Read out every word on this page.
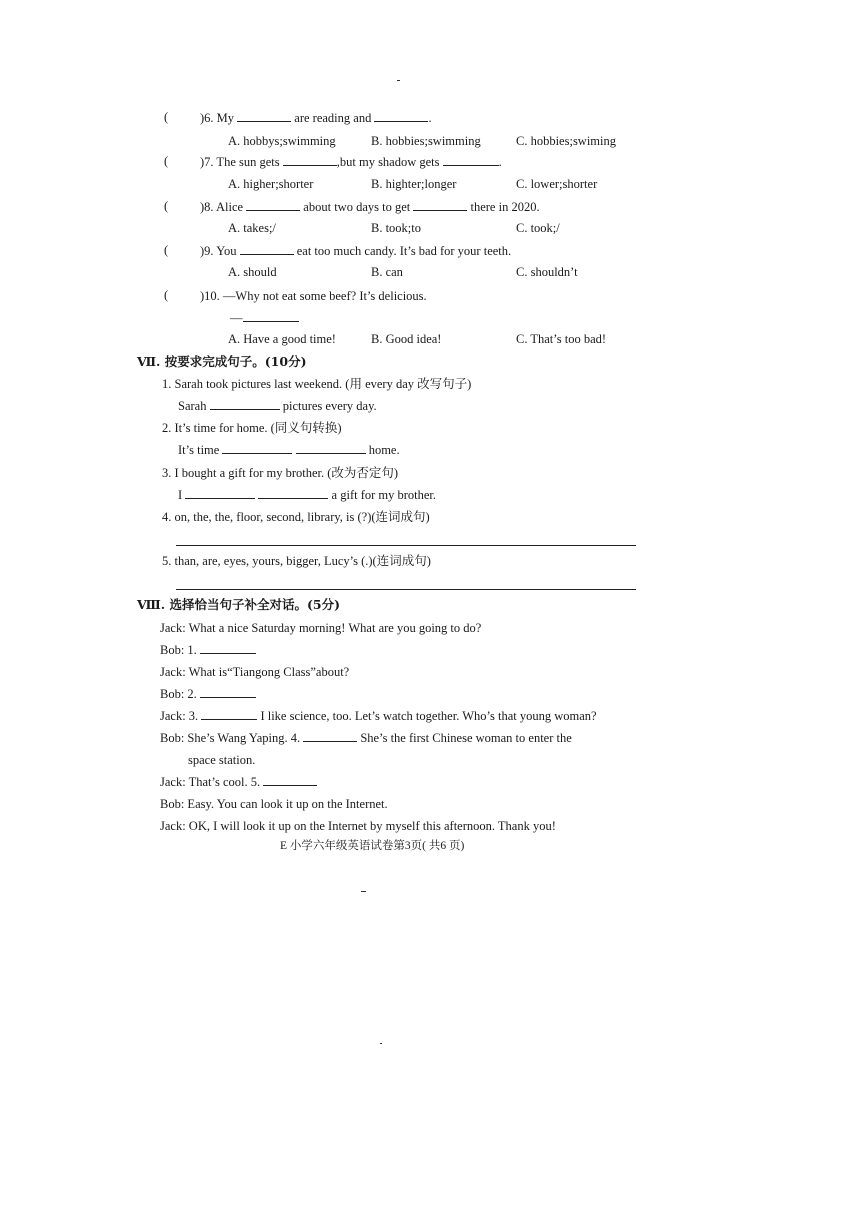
(	)6. My	are reading and	.
A. hobbys;swimming	B. hobbies;swimming	C. hobbies;swiming
(	)7. The sun gets	,but my shadow gets	.
A. higher;shorter	B. highter;longer	C. lower;shorter
(	)8. Alice	about two days to get	there in 2020.
A. takes;/	B. took;to	C. took;/
(	)9. You	eat too much candy. It’s bad for your teeth.
A. should	B. can	C. shouldn’t
(	)10. —Why not eat some beef? It’s delicious.
—
A. Have a good time!	B. Good idea!	C. That’s too bad!
Ⅶ. 按要求完成句子。(10分)
1. Sarah took pictures last weekend. (用 every day 改写句子)
Sarah	pictures every day.
2. It’s time for home. (同义句转换)
It’s time	home.
3. I bought a gift for my brother. (改为否定句)
I	a gift for my brother.
4. on, the, the, floor, second, library, is (?)(连词成句)
5. than, are, eyes, yours, bigger, Lucy’s (.)(连词成句)
Ⅷ. 选择恰当句子补全对话。(5分)
Jack: What a nice Saturday morning! What are you going to do?
Bob: 1.
Jack: What is“Tiangong Class”about?
Bob: 2.
Jack: 3.	I like science, too. Let’s watch together. Who’s that young woman?
Bob: She’s Wang Yaping. 4.	She’s the first Chinese woman to enter the
space station.
Jack: That’s cool. 5.
Bob: Easy. You can look it up on the Internet.
Jack: OK, I will look it up on the Internet by myself this afternoon. Thank you!
E 小学六年级英语试卷第3页( 共6 页)
